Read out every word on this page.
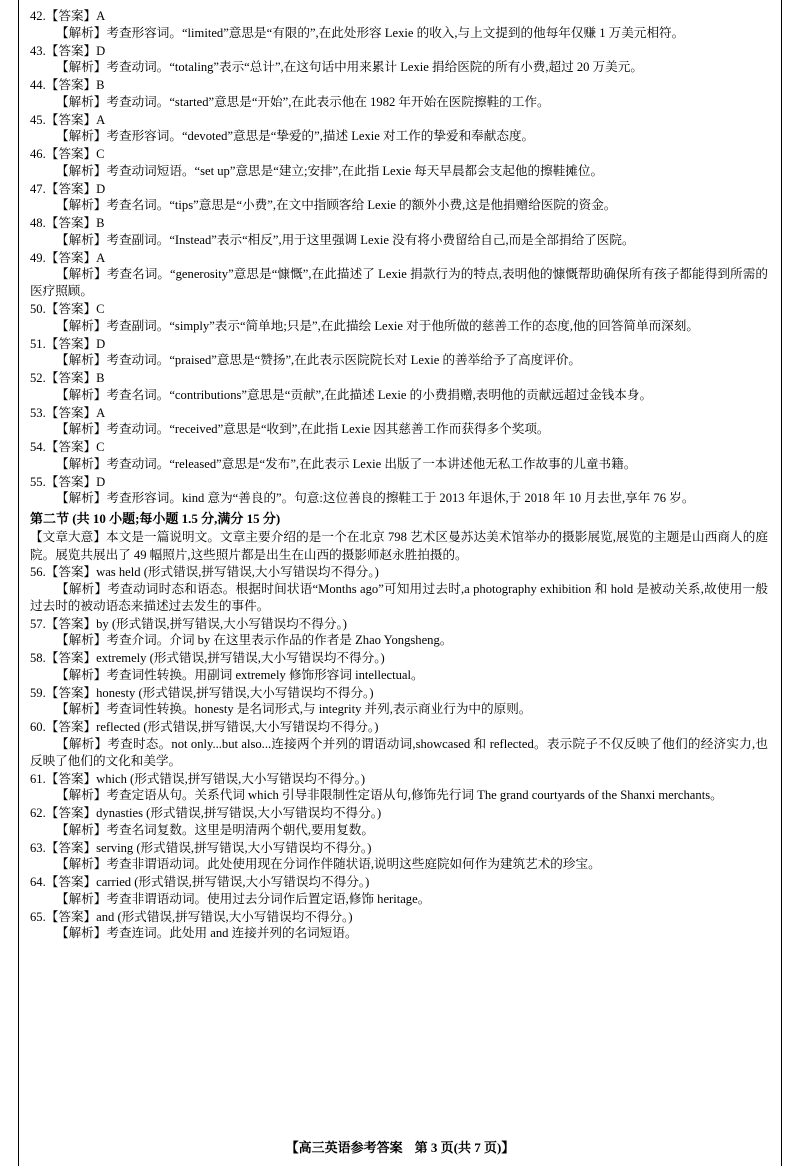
42.【答案】A
【解析】考查形容词。“limited”意思是“有限的”,在此处形容 Lexie 的收入,与上文提到的他每年仅赚 1 万美元相符。
43.【答案】D
【解析】考查动词。“totaling”表示“总计”,在这句话中用来累计 Lexie 捐给医院的所有小费,超过 20 万美元。
44.【答案】B
【解析】考查动词。“started”意思是“开始”,在此表示他在 1982 年开始在医院擦鞋的工作。
45.【答案】A
【解析】考查形容词。“devoted”意思是“挚爱的”,描述 Lexie 对工作的挚爱和奉献态度。
46.【答案】C
【解析】考查动词短语。“set up”意思是“建立;安排”,在此指 Lexie 每天早晨都会支起他的擦鞋摊位。
47.【答案】D
【解析】考查名词。“tips”意思是“小费”,在文中指顾客给 Lexie 的额外小费,这是他捐赠给医院的资金。
48.【答案】B
【解析】考查副词。“Instead”表示“相反”,用于这里强调 Lexie 没有将小费留给自己,而是全部捐给了医院。
49.【答案】A
【解析】考查名词。“generosity”意思是“慷慨”,在此描述了 Lexie 捐款行为的特点,表明他的慷慨帮助确保所有孩子都能得到所需的医疗照顾。
50.【答案】C
【解析】考查副词。“simply”表示“简单地;只是”,在此描绘 Lexie 对于他所做的慈善工作的态度,他的回答简单而深刻。
51.【答案】D
【解析】考查动词。“praised”意思是“赞扬”,在此表示医院院长对 Lexie 的善举给予了高度评价。
52.【答案】B
【解析】考查名词。“contributions”意思是“贡献”,在此描述 Lexie 的小费捐赠,表明他的贡献远超过金钱本身。
53.【答案】A
【解析】考查动词。“received”意思是“收到”,在此指 Lexie 因其慈善工作而获得多个奖项。
54.【答案】C
【解析】考查动词。“released”意思是“发布”,在此表示 Lexie 出版了一本讲述他无私工作故事的儿童书籍。
55.【答案】D
【解析】考查形容词。kind 意为“善良的”。句意:这位善良的擦鞋工于 2013 年退休,于 2018 年 10 月去世,享年 76 岁。
第二节 (共 10 小题;每小题 1.5 分,满分 15 分)
【文章大意】本文是一篇说明文。文章主要介绍的是一个在北京 798 艺术区曼苏达美术馆举办的摄影展览,展览的主题是山西商人的庭院。展览共展出了 49 幅照片,这些照片都是出生在山西的摄影师赵永胜拍摄的。
56.【答案】was held (形式错误,拼写错误,大小写错误均不得分。)
【解析】考查动词时态和语态。根据时间状语“Months ago”可知用过去时,a photography exhibition 和 hold 是被动关系,故使用一般过去时的被动语态来描述过去发生的事件。
57.【答案】by (形式错误,拼写错误,大小写错误均不得分。)
【解析】考查介词。介词 by 在这里表示作品的作者是 Zhao Yongsheng。
58.【答案】extremely (形式错误,拼写错误,大小写错误均不得分。)
【解析】考查词性转换。用副词 extremely 修饰形容词 intellectual。
59.【答案】honesty (形式错误,拼写错误,大小写错误均不得分。)
【解析】考查词性转换。honesty 是名词形式,与 integrity 并列,表示商业行为中的原则。
60.【答案】reflected (形式错误,拼写错误,大小写错误均不得分。)
【解析】考查时态。not only...but also...连接两个并列的谓语动词,showcased 和 reflected。表示院子不仅反映了他们的经济实力,也反映了他们的文化和美学。
61.【答案】which (形式错误,拼写错误,大小写错误均不得分。)
【解析】考查定语从句。关系代词 which 引导非限制性定语从句,修饰先行词 The grand courtyards of the Shanxi merchants。
62.【答案】dynasties (形式错误,拼写错误,大小写错误均不得分。)
【解析】考查名词复数。这里是明清两个朝代,要用复数。
63.【答案】serving (形式错误,拼写错误,大小写错误均不得分。)
【解析】考查非谓语动词。此处使用现在分词作伴随状语,说明这些庭院如何作为建筑艺术的珍宝。
64.【答案】carried (形式错误,拼写错误,大小写错误均不得分。)
【解析】考查非谓语动词。使用过去分词作后置定语,修饰 heritage。
65.【答案】and (形式错误,拼写错误,大小写错误均不得分。)
【解析】考查连词。此处用 and 连接并列的名词短语。
【高三英语参考答案 第 3 页(共 7 页)】
